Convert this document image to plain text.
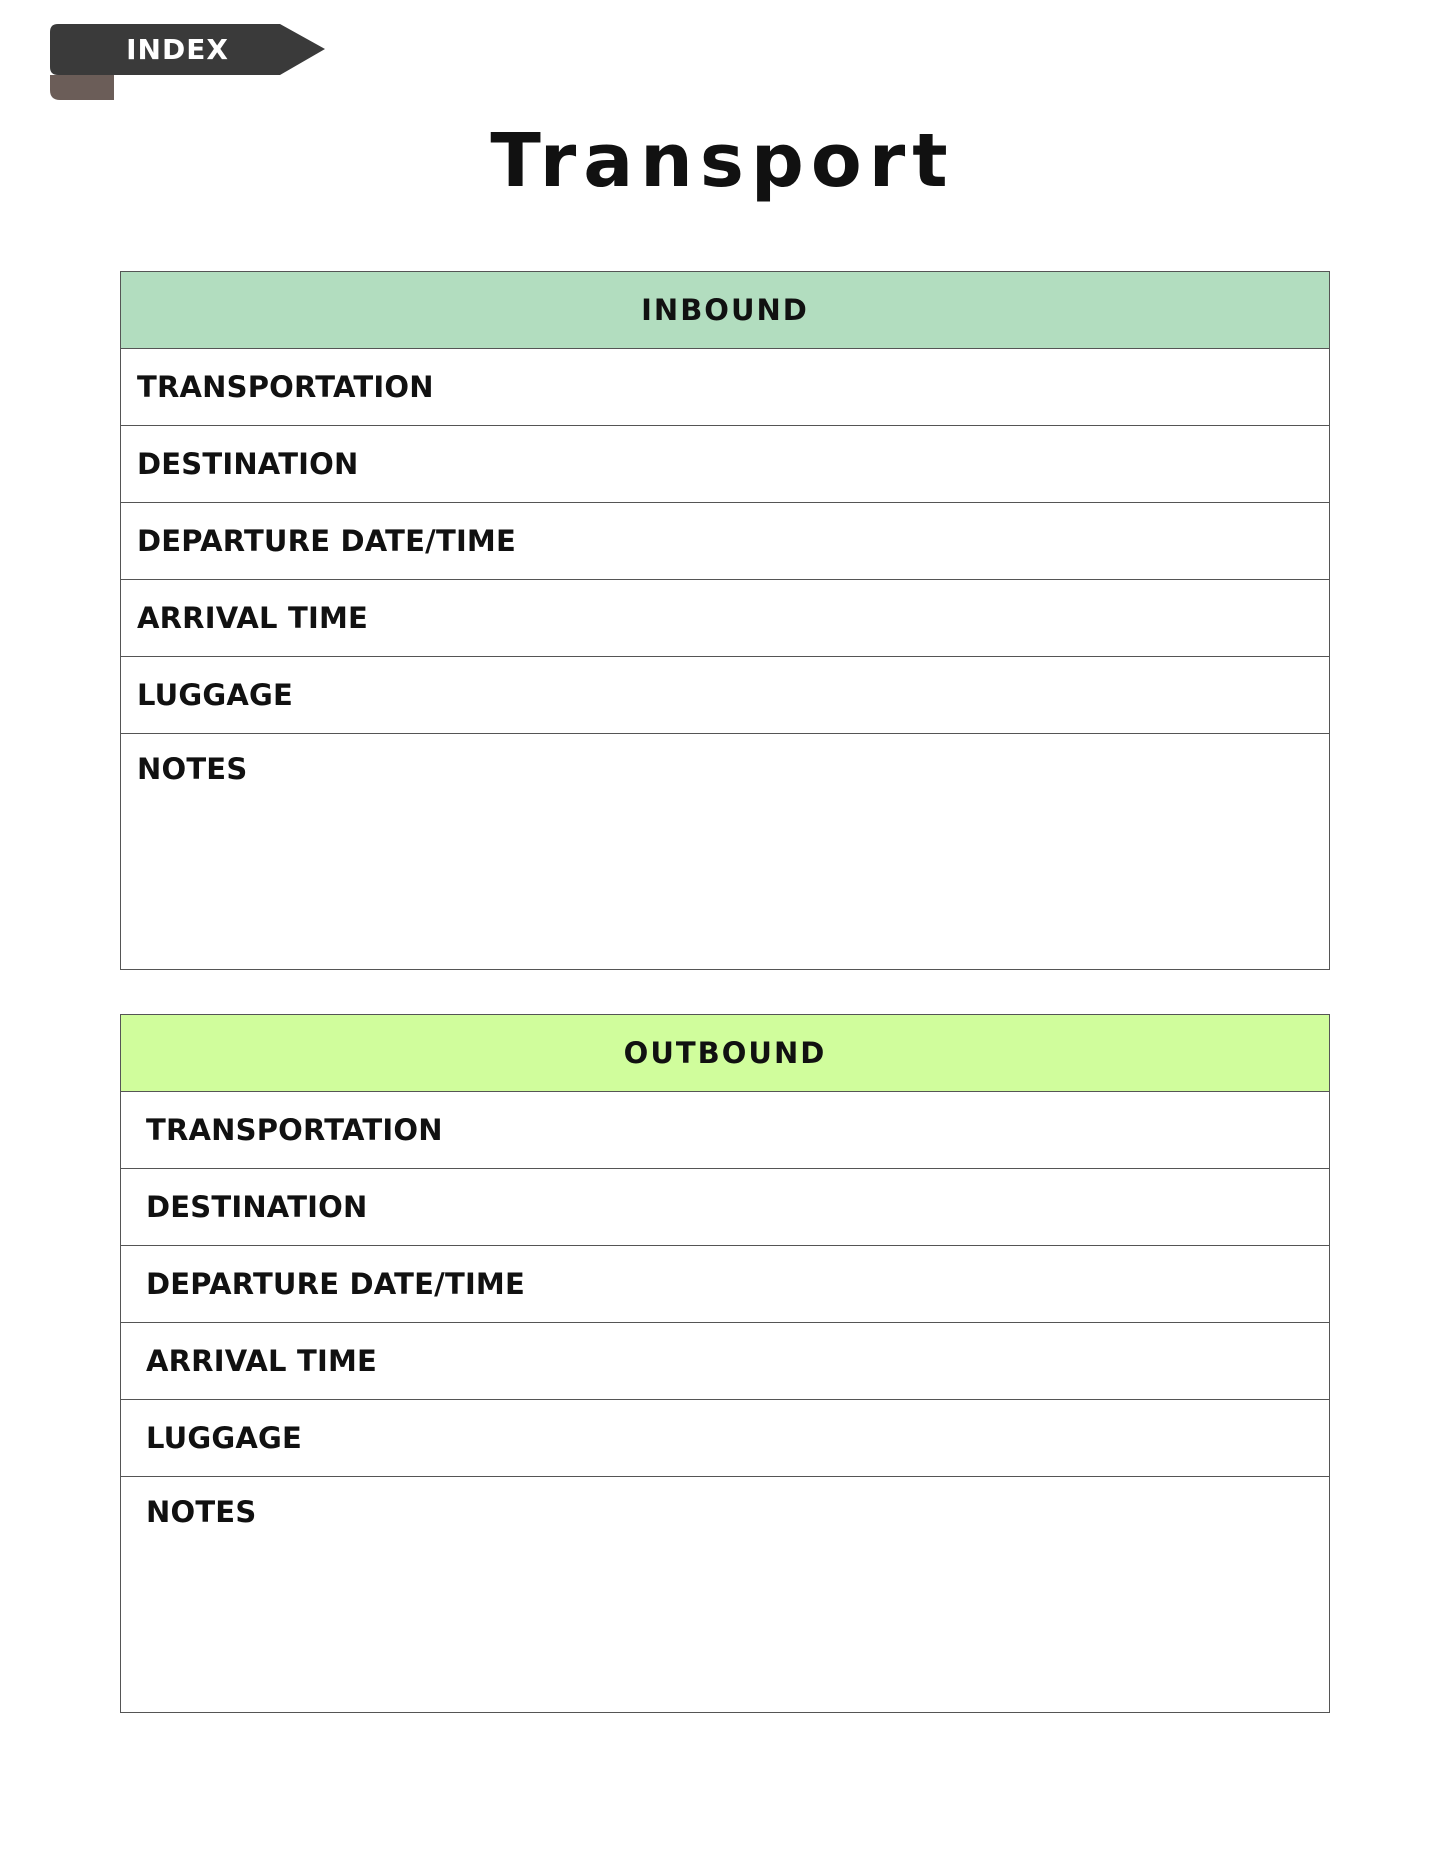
INDEX
Transport
INBOUND
TRANSPORTATION
DESTINATION
DEPARTURE DATE/TIME
ARRIVAL TIME
LUGGAGE
NOTES
OUTBOUND
TRANSPORTATION
DESTINATION
DEPARTURE DATE/TIME
ARRIVAL TIME
LUGGAGE
NOTES
